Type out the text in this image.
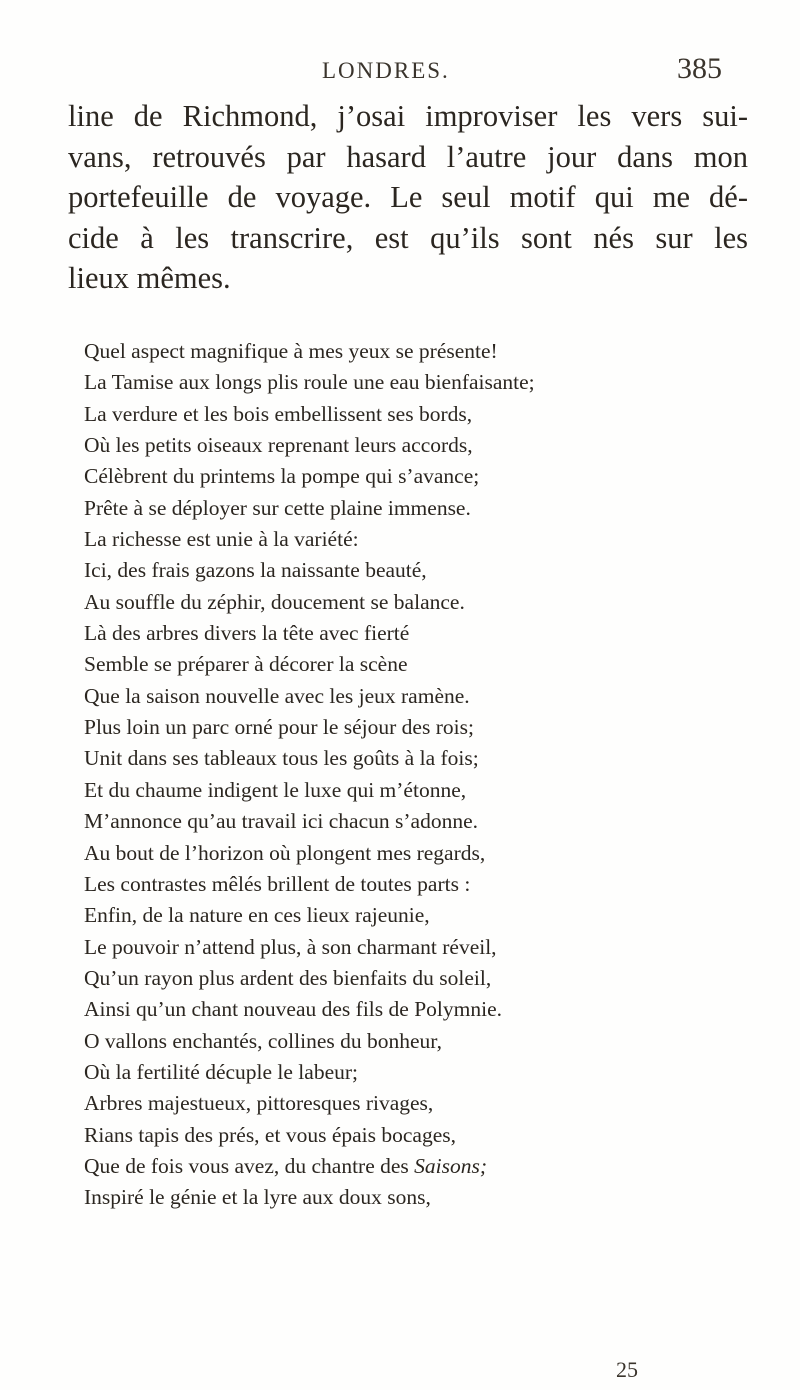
LONDRES.	385
line de Richmond, j’osai improviser les vers sui-
vans, retrouvés par hasard l’autre jour dans mon
portefeuille de voyage. Le seul motif qui me dé-
cide à les transcrire, est qu’ils sont nés sur les
lieux mêmes.
Quel aspect magnifique à mes yeux se présente!
La Tamise aux longs plis roule une eau bienfaisante;
La verdure et les bois embellissent ses bords,
Où les petits oiseaux reprenant leurs accords,
Célèbrent du printems la pompe qui s’avance;
Prête à se déployer sur cette plaine immense.
La richesse est unie à la variété:
Ici, des frais gazons la naissante beauté,
Au souffle du zéphir, doucement se balance.
Là des arbres divers la tête avec fierté
Semble se préparer à décorer la scène
Que la saison nouvelle avec les jeux ramène.
Plus loin un parc orné pour le séjour des rois;
Unit dans ses tableaux tous les goûts à la fois;
Et du chaume indigent le luxe qui m’étonne,
M’annonce qu’au travail ici chacun s’adonne.
Au bout de l’horizon où plongent mes regards,
Les contrastes mêlés brillent de toutes parts :
Enfin, de la nature en ces lieux rajeunie,
Le pouvoir n’attend plus, à son charmant réveil,
Qu’un rayon plus ardent des bienfaits du soleil,
Ainsi qu’un chant nouveau des fils de Polymnie.
O vallons enchantés, collines du bonheur,
Où la fertilité décuple le labeur;
Arbres majestueux, pittoresques rivages,
Rians tapis des prés, et vous épais bocages,
Que de fois vous avez, du chantre des Saisons;
Inspiré le génie et la lyre aux doux sons,
25
